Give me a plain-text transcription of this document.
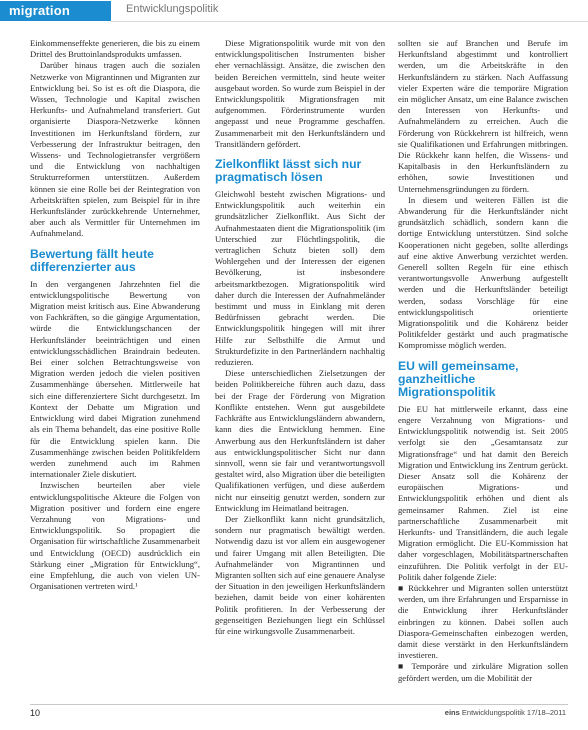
migration	Entwicklungspolitik

Einkommenseffekte generieren, die bis zu einem Drittel des Bruttoinlandsprodukts umfassen.

Darüber hinaus tragen auch die sozialen Netzwerke von Migrantinnen und Migranten zur Entwicklung bei. So ist es oft die Diaspora, die Wissen, Technologie und Kapital zwischen Herkunfts- und Aufnahmeland transferiert. Gut organisierte Diaspora-Netzwerke können Investitionen im Herkunftsland fördern, zur Verbesserung der Infrastruktur beitragen, den Wissens- und Technologietransfer vergrößern und die Entwicklung von nachhaltigen Strukturreformen unterstützen. Außerdem können sie eine Rolle bei der Reintegration von Arbeitskräften spielen, zum Beispiel für in ihre Herkunftsländer zurückkehrende Unternehmer, aber auch als Vermittler für Unternehmen im Aufnahmeland.

Bewertung fällt heute differenzierter aus

In den vergangenen Jahrzehnten fiel die entwicklungspolitische Bewertung von Migration meist kritisch aus. Eine Abwanderung von Fachkräften, so die gängige Argumentation, würde die Entwicklungschancen der Herkunftsländer beeinträchtigen und einen entwicklungsschädlichen Braindrain bedeuten. Bei einer solchen Betrachtungsweise von Migration werden jedoch die vielen positiven Zusammenhänge übersehen. Mittlerweile hat sich eine differenziertere Sicht durchgesetzt. Im Kontext der Debatte um Migration und Entwicklung wird dabei Migration zunehmend als ein Thema behandelt, das eine positive Rolle für die Entwicklung spielen kann. Die Zusammenhänge zwischen beiden Politikfeldern werden zunehmend auch im Rahmen internationaler Ziele diskutiert.

Inzwischen beurteilen aber viele entwicklungspolitische Akteure die Folgen von Migration positiver und fordern eine engere Verzahnung von Migrations- und Entwicklungspolitik. So propagiert die Organisation für wirtschaftliche Zusammenarbeit und Entwicklung (OECD) ausdrücklich ein Stärkung einer „Migration für Entwicklung“, eine Empfehlung, die auch von vielen UN-Organisationen vertreten wird.¹

Diese Migrationspolitik wurde mit von den entwicklungspolitischen Instrumenten bisher eher vernachlässigt. Ansätze, die zwischen den beiden Bereichen vermitteln, sind heute weiter ausgebaut worden. So wurde zum Beispiel in der Entwicklungspolitik Migrationsfragen mit aufgenommen. Förderinstrumente wurden angepasst und neue Programme geschaffen. Zusammenarbeit mit den Herkunftsländern und Transitländern gefördert.

Zielkonflikt lässt sich nur pragmatisch lösen

Gleichwohl besteht zwischen Migrations- und Entwicklungspolitik auch weiterhin ein grundsätzlicher Zielkonflikt. Aus Sicht der Aufnahmestaaten dient die Migrationspolitik (im Unterschied zur Flüchtlingspolitik, die vertraglichen Schutz bieten soll) dem Wohlergehen und der Interessen der eigenen Bevölkerung, ist insbesondere arbeitsmarktbezogen. Migrationspolitik wird daher durch die Interessen der Aufnahmeländer bestimmt und muss in Einklang mit deren Bedürfnissen gebracht werden. Die Entwicklungspolitik hingegen will mit ihrer Hilfe zur Selbsthilfe die Armut und Strukturdefizite in den Partnerländern nachhaltig reduzieren.

Diese unterschiedlichen Zielsetzungen der beiden Politikbereiche führen auch dazu, dass bei der Frage der Förderung von Migration Konflikte entstehen. Wenn gut ausgebildete Fachkräfte aus Entwicklungsländern abwandern, kann dies die Entwicklung hemmen. Eine Anwerbung aus den Herkunftsländern ist daher aus entwicklungspolitischer Sicht nur dann sinnvoll, wenn sie fair und verantwortungsvoll gestaltet wird, also Migration über die beteiligten Qualifikationen verfügen, und diese außerdem nicht nur einseitig genutzt werden, sondern zur Entwicklung im Heimatland beitragen.

Der Zielkonflikt kann nicht grundsätzlich, sondern nur pragmatisch bewältigt werden. Notwendig dazu ist vor allem ein ausgewogener und fairer Umgang mit allen Beteiligten. Die Aufnahmeländer von Migrantinnen und Migranten sollten sich auf eine genauere Analyse der Situation in den jeweiligen Herkunftsländern beziehen, damit beide von einer kohärenten Politik profitieren. In der Verbesserung der gegenseitigen Beziehungen liegt ein Schlüssel für eine wirkungsvolle Zusammenarbeit.

sollten sie auf Branchen und Berufe im Herkunftsland abgestimmt und kontrolliert werden, um die Arbeitskräfte in den Herkunftsländern zu stärken. Nach Auffassung vieler Experten wäre die temporäre Migration ein möglicher Ansatz, um eine Balance zwischen den Interessen von Herkunfts- und Aufnahmeländern zu erreichen. Auch die Förderung von Rückkehrern ist hilfreich, wenn sie Qualifikationen und Erfahrungen mitbringen. Die Rückkehr kann helfen, die Wissens- und Kapitalbasis in den Herkunftsländern zu erhöhen, sowie Investitionen und Unternehmensgründungen zu fördern.

In diesem und weiteren Fällen ist die Abwanderung für die Herkunftsländer nicht grundsätzlich schädlich, sondern kann die dortige Entwicklung unterstützen. Sind solche Kooperationen nicht gegeben, sollte allerdings auf eine aktive Anwerbung verzichtet werden. Generell sollten Regeln für eine ethisch verantwortungsvolle Anwerbung aufgestellt werden und die Herkunftsländer beteiligt werden, sodass Vorschläge für eine entwicklungspolitisch orientierte Migrationspolitik und die Kohärenz beider Politikfelder gestärkt und auch pragmatische Kompromisse möglich werden.

EU will gemeinsame, ganzheitliche Migrationspolitik

Die EU hat mittlerweile erkannt, dass eine engere Verzahnung von Migrations- und Entwicklungspolitik notwendig ist. Seit 2005 verfolgt sie den „Gesamtansatz zur Migrationsfrage“ und hat damit den Bereich Migration und Entwicklung ins Zentrum gerückt. Dieser Ansatz soll die Kohärenz der europäischen Migrations- und Entwicklungspolitik erhöhen und dient als gemeinsamer Rahmen. Ziel ist eine partnerschaftliche Zusammenarbeit mit Herkunfts- und Transitländern, die auch legale Migration ermöglicht. Die EU-Kommission hat daher vorgeschlagen, Mobilitätspartnerschaften einzuführen. Die Politik verfolgt in der EU-Politik daher folgende Ziele:

■ Rückkehrer und Migranten sollen unterstützt werden, um ihre Erfahrungen und Ersparnisse in die Entwicklung ihrer Herkunftsländer einbringen zu können. Dabei sollen auch Diaspora-Gemeinschaften einbezogen werden, damit diese verstärkt in den Herkunftsländern investieren.

■ Temporäre und zirkuläre Migration sollen gefördert werden, um die Mobilität der

10	eins Entwicklungspolitik 17/18–2011
